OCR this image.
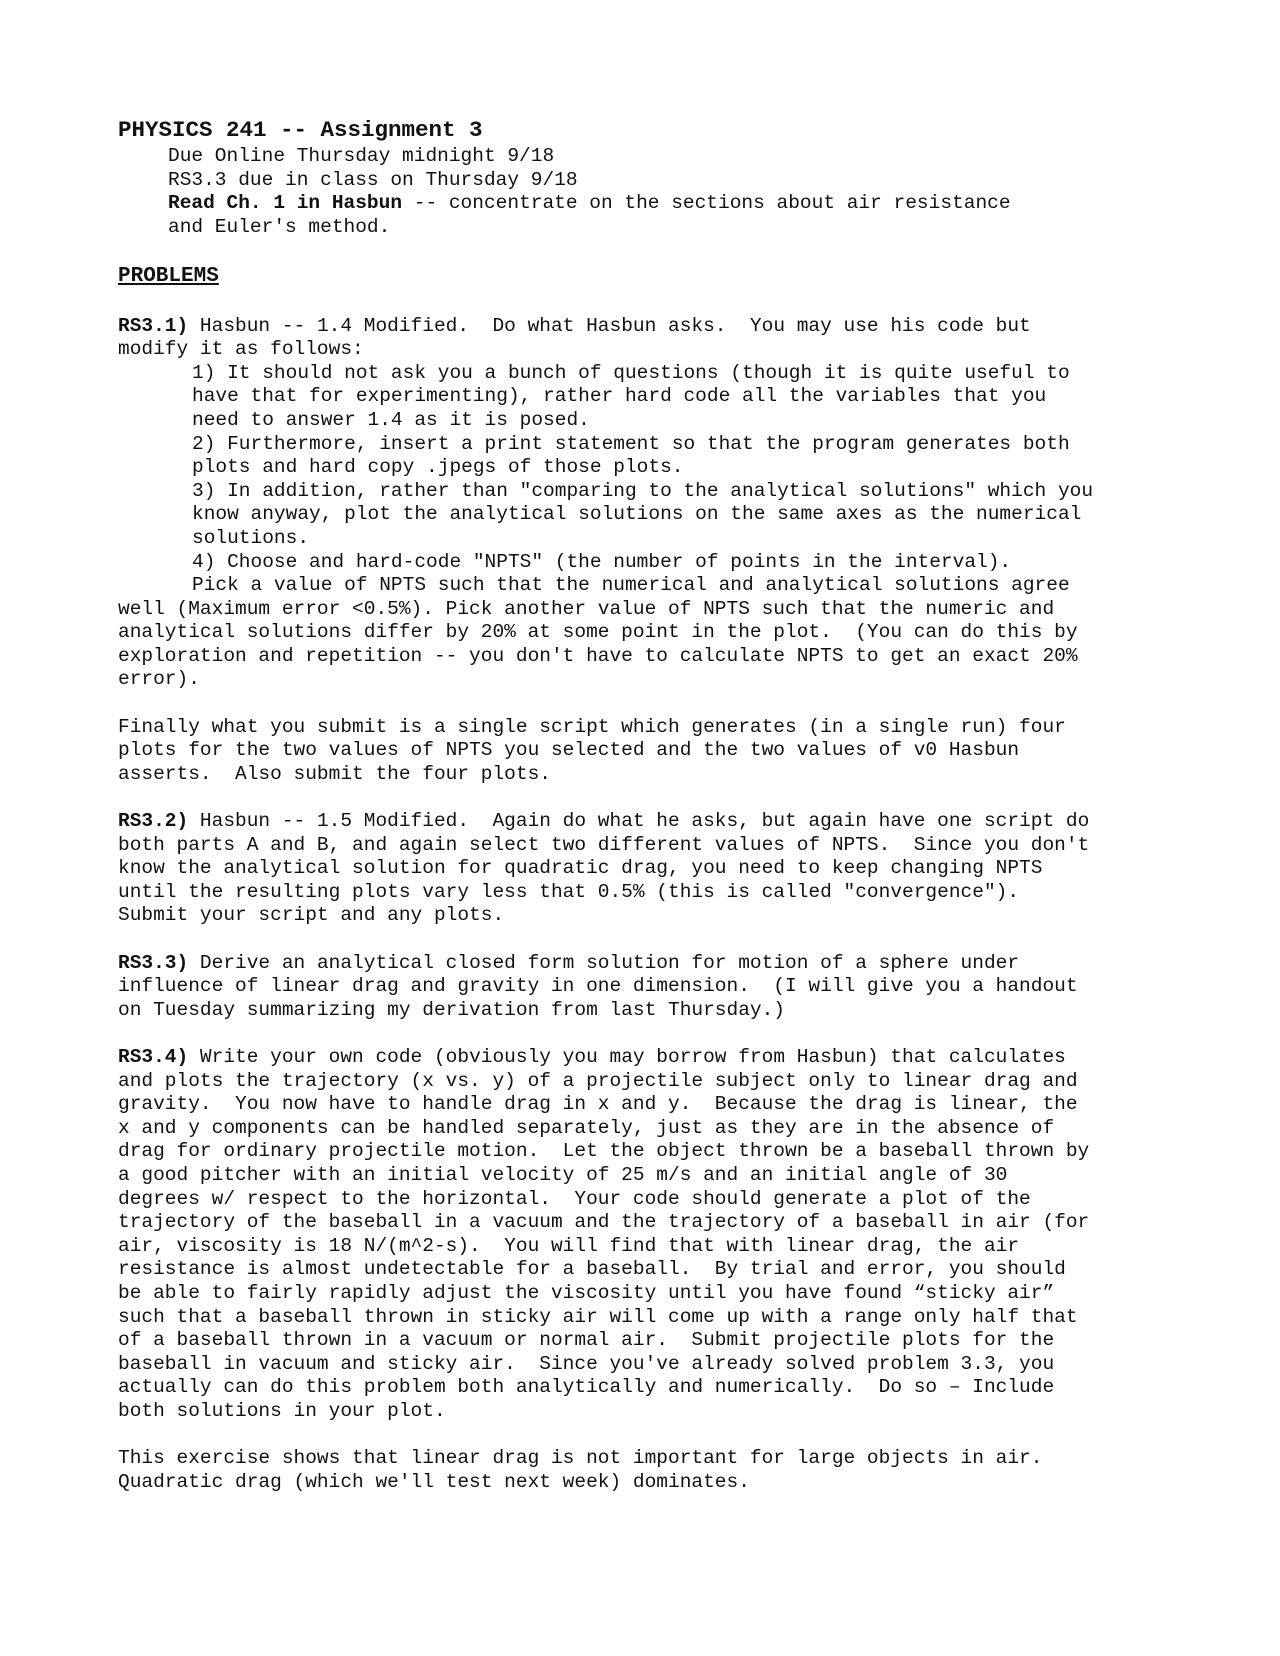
PHYSICS 241 -- Assignment 3
Due Online Thursday midnight 9/18
RS3.3 due in class on Thursday 9/18
Read Ch. 1 in Hasbun -- concentrate on the sections about air resistance
and Euler's method.
PROBLEMS
RS3.1) Hasbun -- 1.4 Modified.  Do what Hasbun asks.  You may use his code but
modify it as follows:
1) It should not ask you a bunch of questions (though it is quite useful to
have that for experimenting), rather hard code all the variables that you
need to answer 1.4 as it is posed.
2) Furthermore, insert a print statement so that the program generates both
plots and hard copy .jpegs of those plots.
3) In addition, rather than "comparing to the analytical solutions" which you
know anyway, plot the analytical solutions on the same axes as the numerical
solutions.
4) Choose and hard-code "NPTS" (the number of points in the interval).
Pick a value of NPTS such that the numerical and analytical solutions agree
well (Maximum error <0.5%). Pick another value of NPTS such that the numeric and
analytical solutions differ by 20% at some point in the plot.  (You can do this by
exploration and repetition -- you don't have to calculate NPTS to get an exact 20%
error).
Finally what you submit is a single script which generates (in a single run) four
plots for the two values of NPTS you selected and the two values of v0 Hasbun
asserts.  Also submit the four plots.
RS3.2) Hasbun -- 1.5 Modified.  Again do what he asks, but again have one script do
both parts A and B, and again select two different values of NPTS.  Since you don't
know the analytical solution for quadratic drag, you need to keep changing NPTS
until the resulting plots vary less that 0.5% (this is called "convergence").
Submit your script and any plots.
RS3.3) Derive an analytical closed form solution for motion of a sphere under
influence of linear drag and gravity in one dimension.  (I will give you a handout
on Tuesday summarizing my derivation from last Thursday.)
RS3.4) Write your own code (obviously you may borrow from Hasbun) that calculates
and plots the trajectory (x vs. y) of a projectile subject only to linear drag and
gravity.  You now have to handle drag in x and y.  Because the drag is linear, the
x and y components can be handled separately, just as they are in the absence of
drag for ordinary projectile motion.  Let the object thrown be a baseball thrown by
a good pitcher with an initial velocity of 25 m/s and an initial angle of 30
degrees w/ respect to the horizontal.  Your code should generate a plot of the
trajectory of the baseball in a vacuum and the trajectory of a baseball in air (for
air, viscosity is 18 N/(m^2-s).  You will find that with linear drag, the air
resistance is almost undetectable for a baseball.  By trial and error, you should
be able to fairly rapidly adjust the viscosity until you have found “sticky air”
such that a baseball thrown in sticky air will come up with a range only half that
of a baseball thrown in a vacuum or normal air.  Submit projectile plots for the
baseball in vacuum and sticky air.  Since you've already solved problem 3.3, you
actually can do this problem both analytically and numerically.  Do so – Include
both solutions in your plot.
This exercise shows that linear drag is not important for large objects in air.
Quadratic drag (which we'll test next week) dominates.
